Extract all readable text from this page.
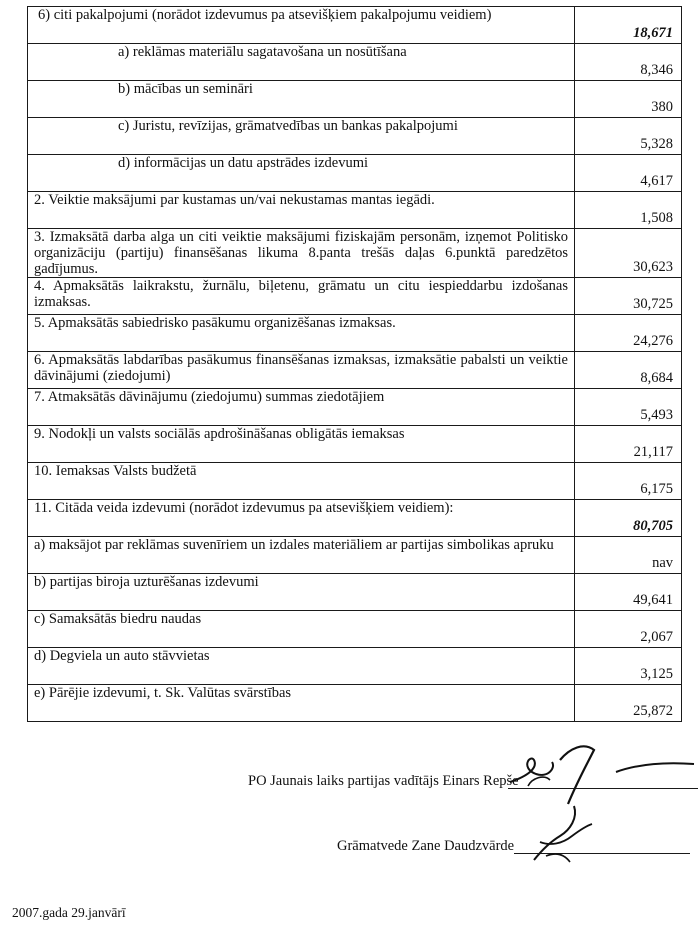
6) citi pakalpojumi (norādot izdevumus pa atsevišķiem pakalpojumu veidiem)	18,671
a) reklāmas materiālu sagatavošana un nosūtīšana	8,346
b) mācības un semināri	380
c) Juristu, revīzijas, grāmatvedības un bankas pakalpojumi	5,328
d) informācijas un datu apstrādes izdevumi	4,617
2. Veiktie maksājumi par kustamas un/vai nekustamas mantas iegādi.	1,508
3. Izmaksātā darba alga un citi veiktie maksājumi fiziskajām personām, izņemot Politisko organizāciju (partiju) finansēšanas likuma 8.panta trešās daļas 6.punktā paredzētos gadījumus.	30,623
4. Apmaksātās laikrakstu, žurnālu, biļetenu, grāmatu un citu iespieddarbu izdošanas izmaksas.	30,725
5. Apmaksātās sabiedrisko pasākumu organizēšanas izmaksas.	24,276
6. Apmaksātās labdarības pasākumus finansēšanas izmaksas, izmaksātie pabalsti un veiktie dāvinājumi (ziedojumi)	8,684
7. Atmaksātās dāvinājumu (ziedojumu) summas ziedotājiem	5,493
9. Nodokļi un valsts sociālās apdrošināšanas obligātās iemaksas	21,117
10. Iemaksas Valsts budžetā	6,175
11. Citāda veida izdevumi (norādot izdevumus pa atsevišķiem veidiem):	80,705
a) maksājot par reklāmas suvenīriem un izdales materiāliem ar partijas simbolikas apruku	nav
b) partijas biroja uzturēšanas izdevumi	49,641
c) Samaksātās biedru naudas	2,067
d) Degviela un auto stāvvietas	3,125
e) Pārējie izdevumi, t. Sk. Valūtas svārstības	25,872
PO Jaunais laiks partijas vadītājs Einars Repše
Grāmatvede Zane Daudzvārde
2007.gada 29.janvārī
